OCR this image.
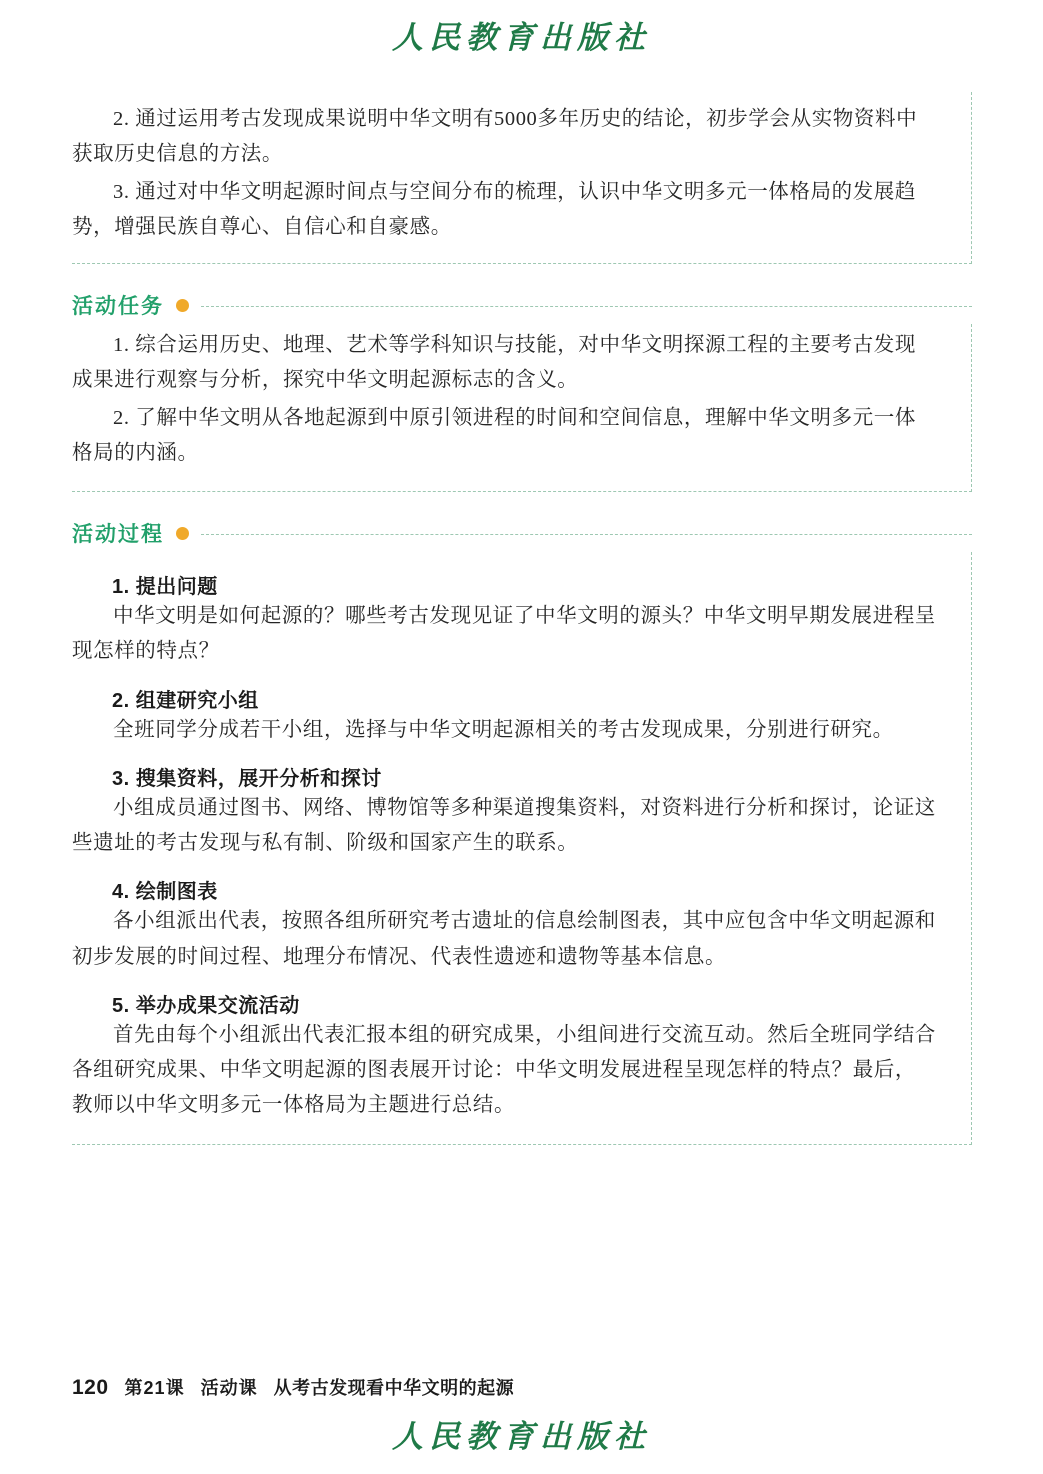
人民教育出版社

2. 通过运用考古发现成果说明中华文明有5000多年历史的结论，初步学会从实物资料中获取历史信息的方法。

3. 通过对中华文明起源时间点与空间分布的梳理，认识中华文明多元一体格局的发展趋势，增强民族自尊心、自信心和自豪感。

活动任务

1. 综合运用历史、地理、艺术等学科知识与技能，对中华文明探源工程的主要考古发现成果进行观察与分析，探究中华文明起源标志的含义。

2. 了解中华文明从各地起源到中原引领进程的时间和空间信息，理解中华文明多元一体格局的内涵。

活动过程

1. 提出问题

中华文明是如何起源的？哪些考古发现见证了中华文明的源头？中华文明早期发展进程呈现怎样的特点？

2. 组建研究小组

全班同学分成若干小组，选择与中华文明起源相关的考古发现成果，分别进行研究。

3. 搜集资料，展开分析和探讨

小组成员通过图书、网络、博物馆等多种渠道搜集资料，对资料进行分析和探讨，论证这些遗址的考古发现与私有制、阶级和国家产生的联系。

4. 绘制图表

各小组派出代表，按照各组所研究考古遗址的信息绘制图表，其中应包含中华文明起源和初步发展的时间过程、地理分布情况、代表性遗迹和遗物等基本信息。

5. 举办成果交流活动

首先由每个小组派出代表汇报本组的研究成果，小组间进行交流互动。然后全班同学结合各组研究成果、中华文明起源的图表展开讨论：中华文明发展进程呈现怎样的特点？最后，教师以中华文明多元一体格局为主题进行总结。

120 第21课 活动课 从考古发现看中华文明的起源
人民教育出版社
